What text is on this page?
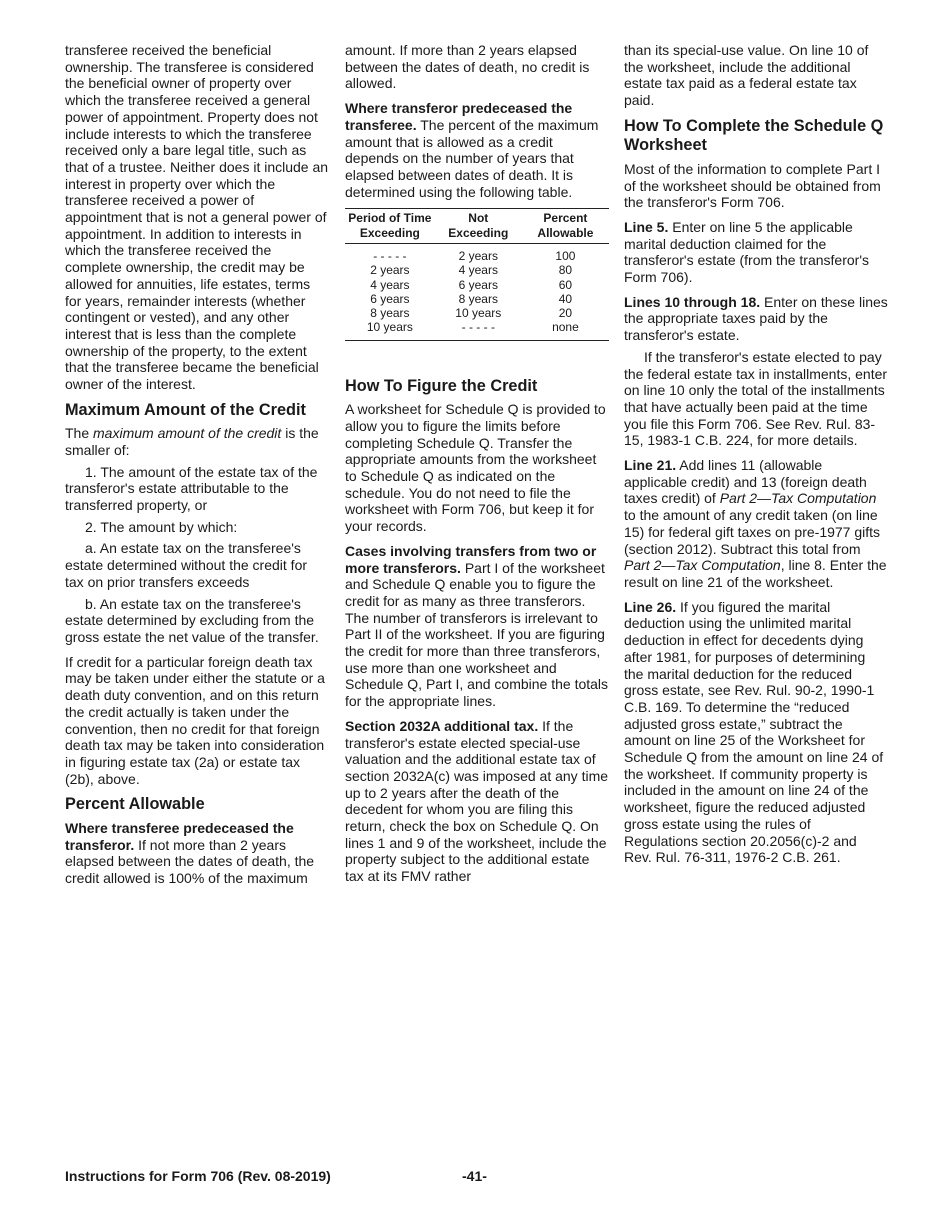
transferee received the beneficial ownership. The transferee is considered the beneficial owner of property over which the transferee received a general power of appointment. Property does not include interests to which the transferee received only a bare legal title, such as that of a trustee. Neither does it include an interest in property over which the transferee received a power of appointment that is not a general power of appointment. In addition to interests in which the transferee received the complete ownership, the credit may be allowed for annuities, life estates, terms for years, remainder interests (whether contingent or vested), and any other interest that is less than the complete ownership of the property, to the extent that the transferee became the beneficial owner of the interest.

Maximum Amount of the Credit

The maximum amount of the credit is the smaller of:

1. The amount of the estate tax of the transferor's estate attributable to the transferred property, or

2. The amount by which:

a. An estate tax on the transferee's estate determined without the credit for tax on prior transfers exceeds

b. An estate tax on the transferee's estate determined by excluding from the gross estate the net value of the transfer.

If credit for a particular foreign death tax may be taken under either the statute or a death duty convention, and on this return the credit actually is taken under the convention, then no credit for that foreign death tax may be taken into consideration in figuring estate tax (2a) or estate tax (2b), above.

Percent Allowable

Where transferee predeceased the transferor. If not more than 2 years elapsed between the dates of death, the credit allowed is 100% of the maximum

amount. If more than 2 years elapsed between the dates of death, no credit is allowed.

Where transferor predeceased the transferee. The percent of the maximum amount that is allowed as a credit depends on the number of years that elapsed between dates of death. It is determined using the following table.

Period of Time Exceeding	Not Exceeding	Percent Allowable
- - - - -	2 years	100
2 years	4 years	80
4 years	6 years	60
6 years	8 years	40
8 years	10 years	20
10 years	- - - - -	none
How To Figure the Credit

A worksheet for Schedule Q is provided to allow you to figure the limits before completing Schedule Q. Transfer the appropriate amounts from the worksheet to Schedule Q as indicated on the schedule. You do not need to file the worksheet with Form 706, but keep it for your records.

Cases involving transfers from two or more transferors. Part I of the worksheet and Schedule Q enable you to figure the credit for as many as three transferors. The number of transferors is irrelevant to Part II of the worksheet. If you are figuring the credit for more than three transferors, use more than one worksheet and Schedule Q, Part I, and combine the totals for the appropriate lines.

Section 2032A additional tax. If the transferor's estate elected special-use valuation and the additional estate tax of section 2032A(c) was imposed at any time up to 2 years after the death of the decedent for whom you are filing this return, check the box on Schedule Q. On lines 1 and 9 of the worksheet, include the property subject to the additional estate tax at its FMV rather

than its special-use value. On line 10 of the worksheet, include the additional estate tax paid as a federal estate tax paid.

How To Complete the Schedule Q Worksheet

Most of the information to complete Part I of the worksheet should be obtained from the transferor's Form 706.

Line 5. Enter on line 5 the applicable marital deduction claimed for the transferor's estate (from the transferor's Form 706).

Lines 10 through 18. Enter on these lines the appropriate taxes paid by the transferor's estate.

If the transferor's estate elected to pay the federal estate tax in installments, enter on line 10 only the total of the installments that have actually been paid at the time you file this Form 706. See Rev. Rul. 83-15, 1983-1 C.B. 224, for more details.

Line 21. Add lines 11 (allowable applicable credit) and 13 (foreign death taxes credit) of Part 2—Tax Computation to the amount of any credit taken (on line 15) for federal gift taxes on pre-1977 gifts (section 2012). Subtract this total from Part 2—Tax Computation, line 8. Enter the result on line 21 of the worksheet.

Line 26. If you figured the marital deduction using the unlimited marital deduction in effect for decedents dying after 1981, for purposes of determining the marital deduction for the reduced gross estate, see Rev. Rul. 90-2, 1990-1 C.B. 169. To determine the “reduced adjusted gross estate,” subtract the amount on line 25 of the Worksheet for Schedule Q from the amount on line 24 of the worksheet. If community property is included in the amount on line 24 of the worksheet, figure the reduced adjusted gross estate using the rules of Regulations section 20.2056(c)-2 and Rev. Rul. 76-311, 1976-2 C.B. 261.

Instructions for Form 706 (Rev. 08-2019)	-41-
